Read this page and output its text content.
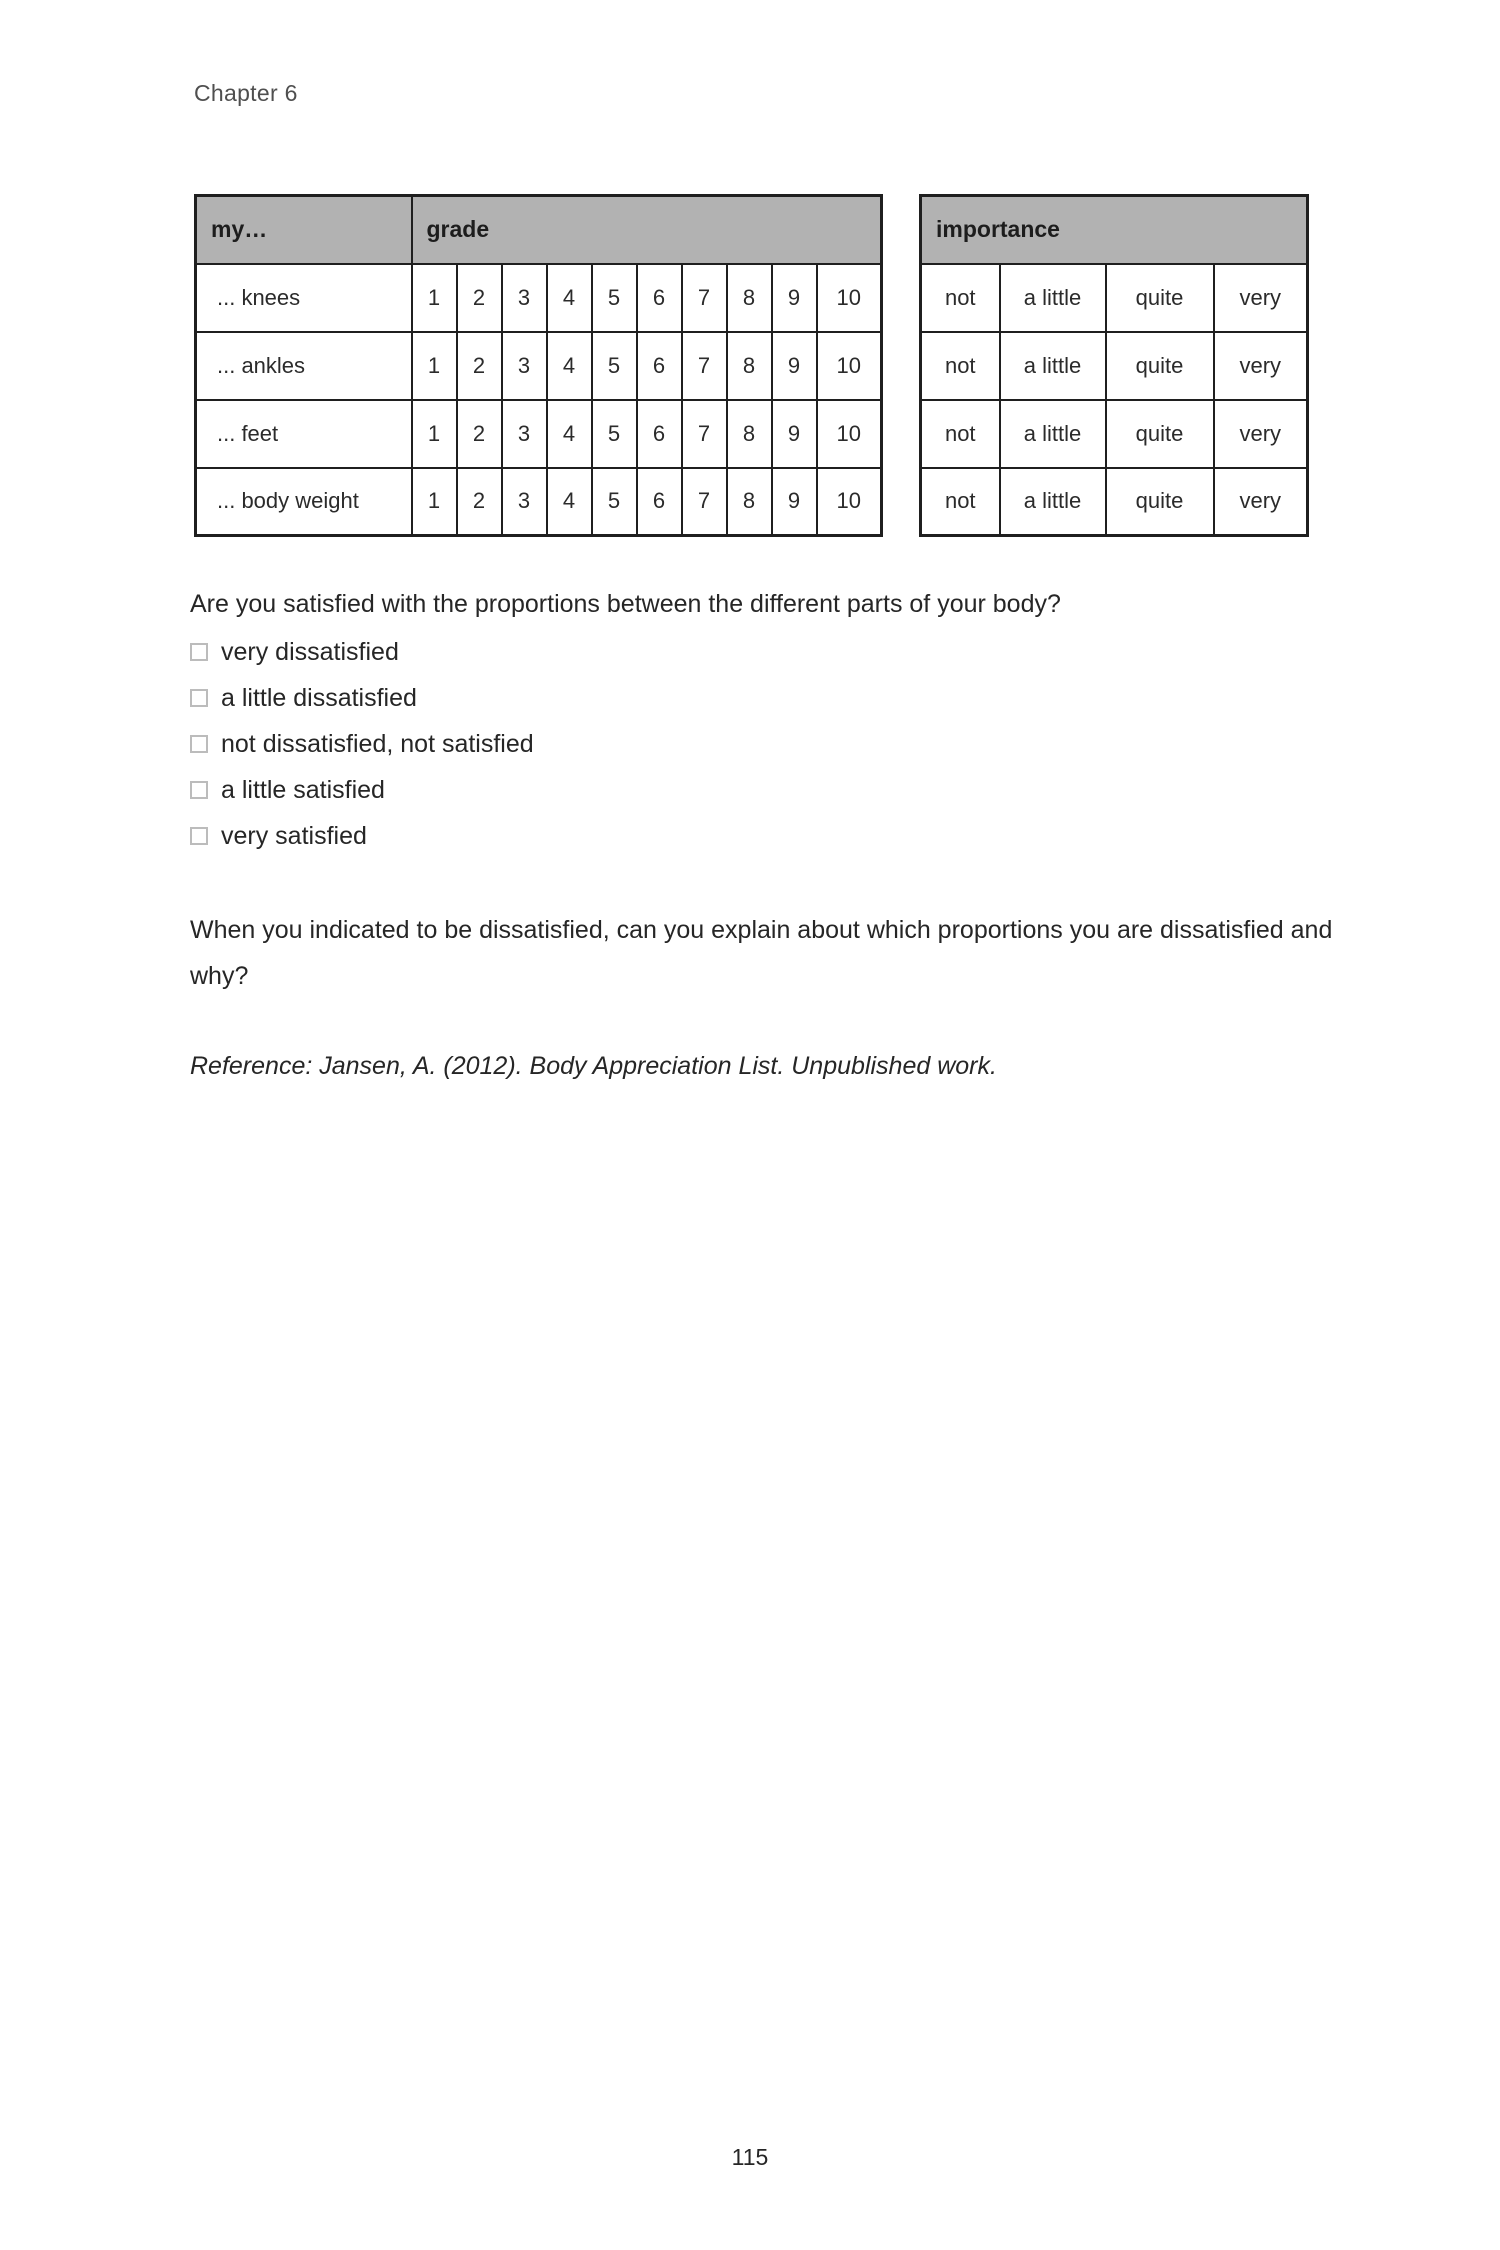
Chapter 6
my…	grade									
... knees	1	2	3	4	5	6	7	8	9	10
... ankles	1	2	3	4	5	6	7	8	9	10
... feet	1	2	3	4	5	6	7	8	9	10
... body weight	1	2	3	4	5	6	7	8	9	10
importance			
not	a little	quite	very
not	a little	quite	very
not	a little	quite	very
not	a little	quite	very
Are you satisfied with the proportions between the different parts of your body?
very dissatisfied
a little dissatisfied
not dissatisfied, not satisfied
a little satisfied
very satisfied
When you indicated to be dissatisfied, can you explain about which proportions you are dissatisfied and why?
Reference: Jansen, A. (2012). Body Appreciation List. Unpublished work.
115
